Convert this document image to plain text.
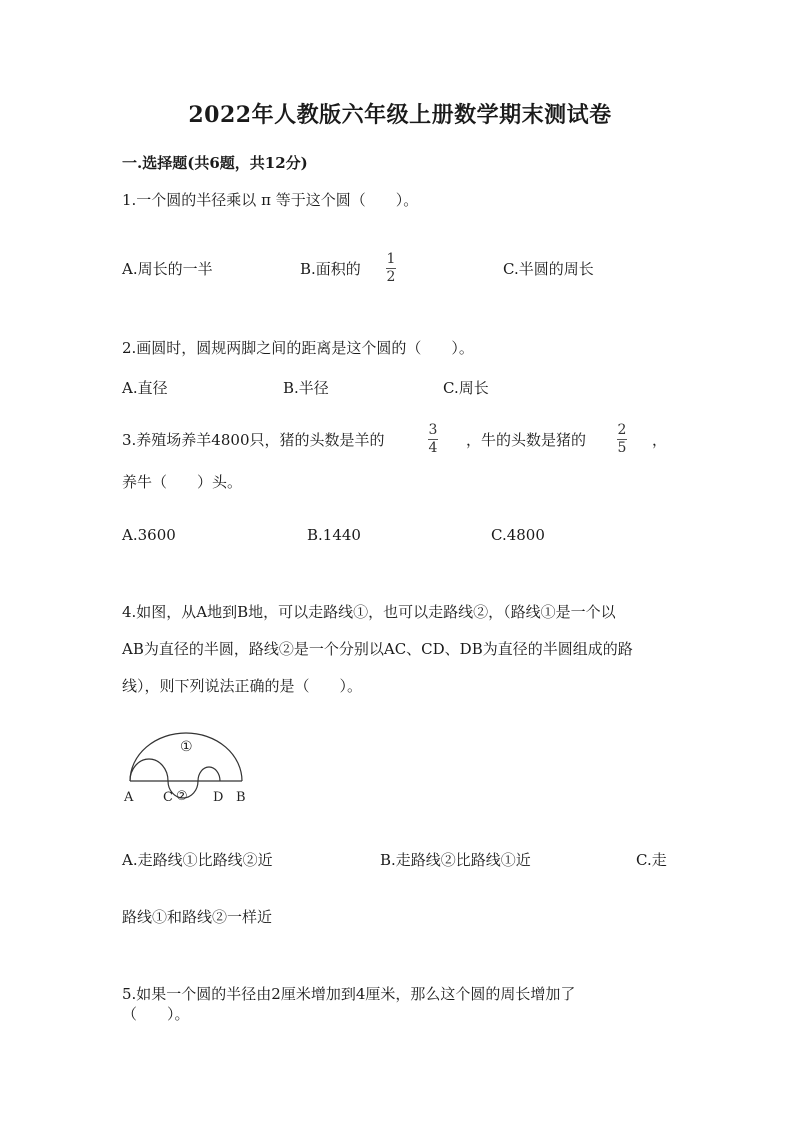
2022年人教版六年级上册数学期末测试卷
一.选择题(共6题，共12分)
1.一个圆的半径乘以 π 等于这个圆（　　）。
A.周长的一半	B.面积的
1
2	C.半圆的周长
2.画圆时，圆规两脚之间的距离是这个圆的（　　）。
A.直径	B.半径	C.周长
3.养殖场养羊4800只，猪的头数是羊的
3
4 ，牛的头数是猪的
2
5 ，
养牛（　　）头。
A.3600	B.1440	C.4800
4.如图，从A地到B地，可以走路线①，也可以走路线②，（路线①是一个以
AB为直径的半圆，路线②是一个分别以AC、CD、DB为直径的半圆组成的路
线），则下列说法正确的是（　　）。
①
②
A C	D B
A.走路线①比路线②近	B.走路线②比路线①近	C.走
路线①和路线②一样近
5.如果一个圆的半径由2厘米增加到4厘米，那么这个圆的周长增加了
（　　）。
